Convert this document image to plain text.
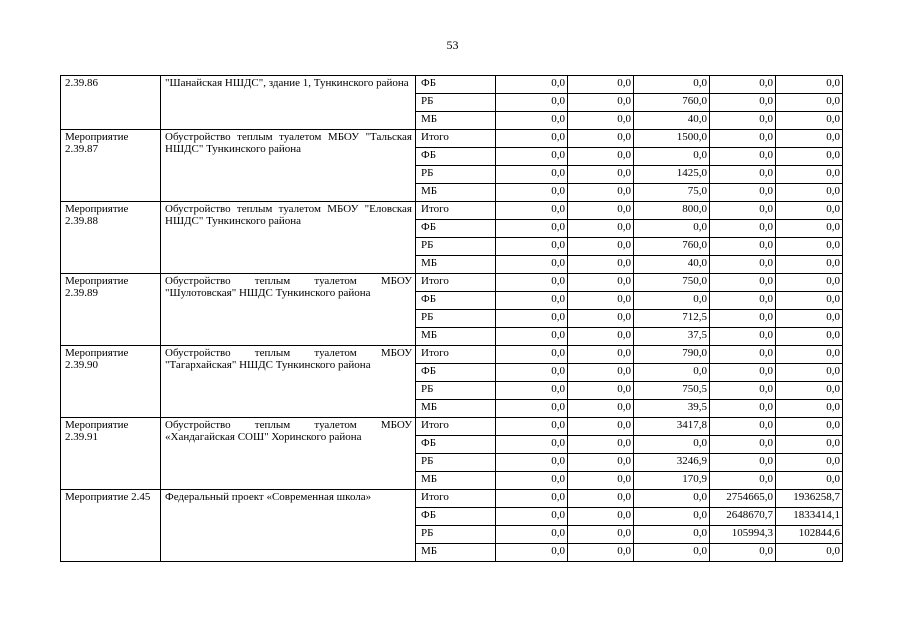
53
2.39.86	"Шанайская НШДС", здание 1, Тункинского района	ФБ	0,0	0,0	0,0	0,0	0,0
		РБ	0,0	0,0	760,0	0,0	0,0
		МБ	0,0	0,0	40,0	0,0	0,0
Мероприятие 2.39.87	Обустройство теплым туалетом МБОУ "Тальская НШДС" Тункинского района	Итого	0,0	0,0	1500,0	0,0	0,0
		ФБ	0,0	0,0	0,0	0,0	0,0
		РБ	0,0	0,0	1425,0	0,0	0,0
		МБ	0,0	0,0	75,0	0,0	0,0
Мероприятие 2.39.88	Обустройство теплым туалетом МБОУ "Еловская НШДС" Тункинского района	Итого	0,0	0,0	800,0	0,0	0,0
		ФБ	0,0	0,0	0,0	0,0	0,0
		РБ	0,0	0,0	760,0	0,0	0,0
		МБ	0,0	0,0	40,0	0,0	0,0
Мероприятие 2.39.89	Обустройство теплым туалетом МБОУ "Шулотовская" НШДС Тункинского района	Итого	0,0	0,0	750,0	0,0	0,0
		ФБ	0,0	0,0	0,0	0,0	0,0
		РБ	0,0	0,0	712,5	0,0	0,0
		МБ	0,0	0,0	37,5	0,0	0,0
Мероприятие 2.39.90	Обустройство теплым туалетом МБОУ "Тагархайская" НШДС Тункинского района	Итого	0,0	0,0	790,0	0,0	0,0
		ФБ	0,0	0,0	0,0	0,0	0,0
		РБ	0,0	0,0	750,5	0,0	0,0
		МБ	0,0	0,0	39,5	0,0	0,0
Мероприятие 2.39.91	Обустройство теплым туалетом МБОУ «Хандагайская СОШ" Хоринского района	Итого	0,0	0,0	3417,8	0,0	0,0
		ФБ	0,0	0,0	0,0	0,0	0,0
		РБ	0,0	0,0	3246,9	0,0	0,0
		МБ	0,0	0,0	170,9	0,0	0,0
Мероприятие 2.45	Федеральный проект «Современная школа»	Итого	0,0	0,0	0,0	2754665,0	1936258,7
		ФБ	0,0	0,0	0,0	2648670,7	1833414,1
		РБ	0,0	0,0	0,0	105994,3	102844,6
		МБ	0,0	0,0	0,0	0,0	0,0
